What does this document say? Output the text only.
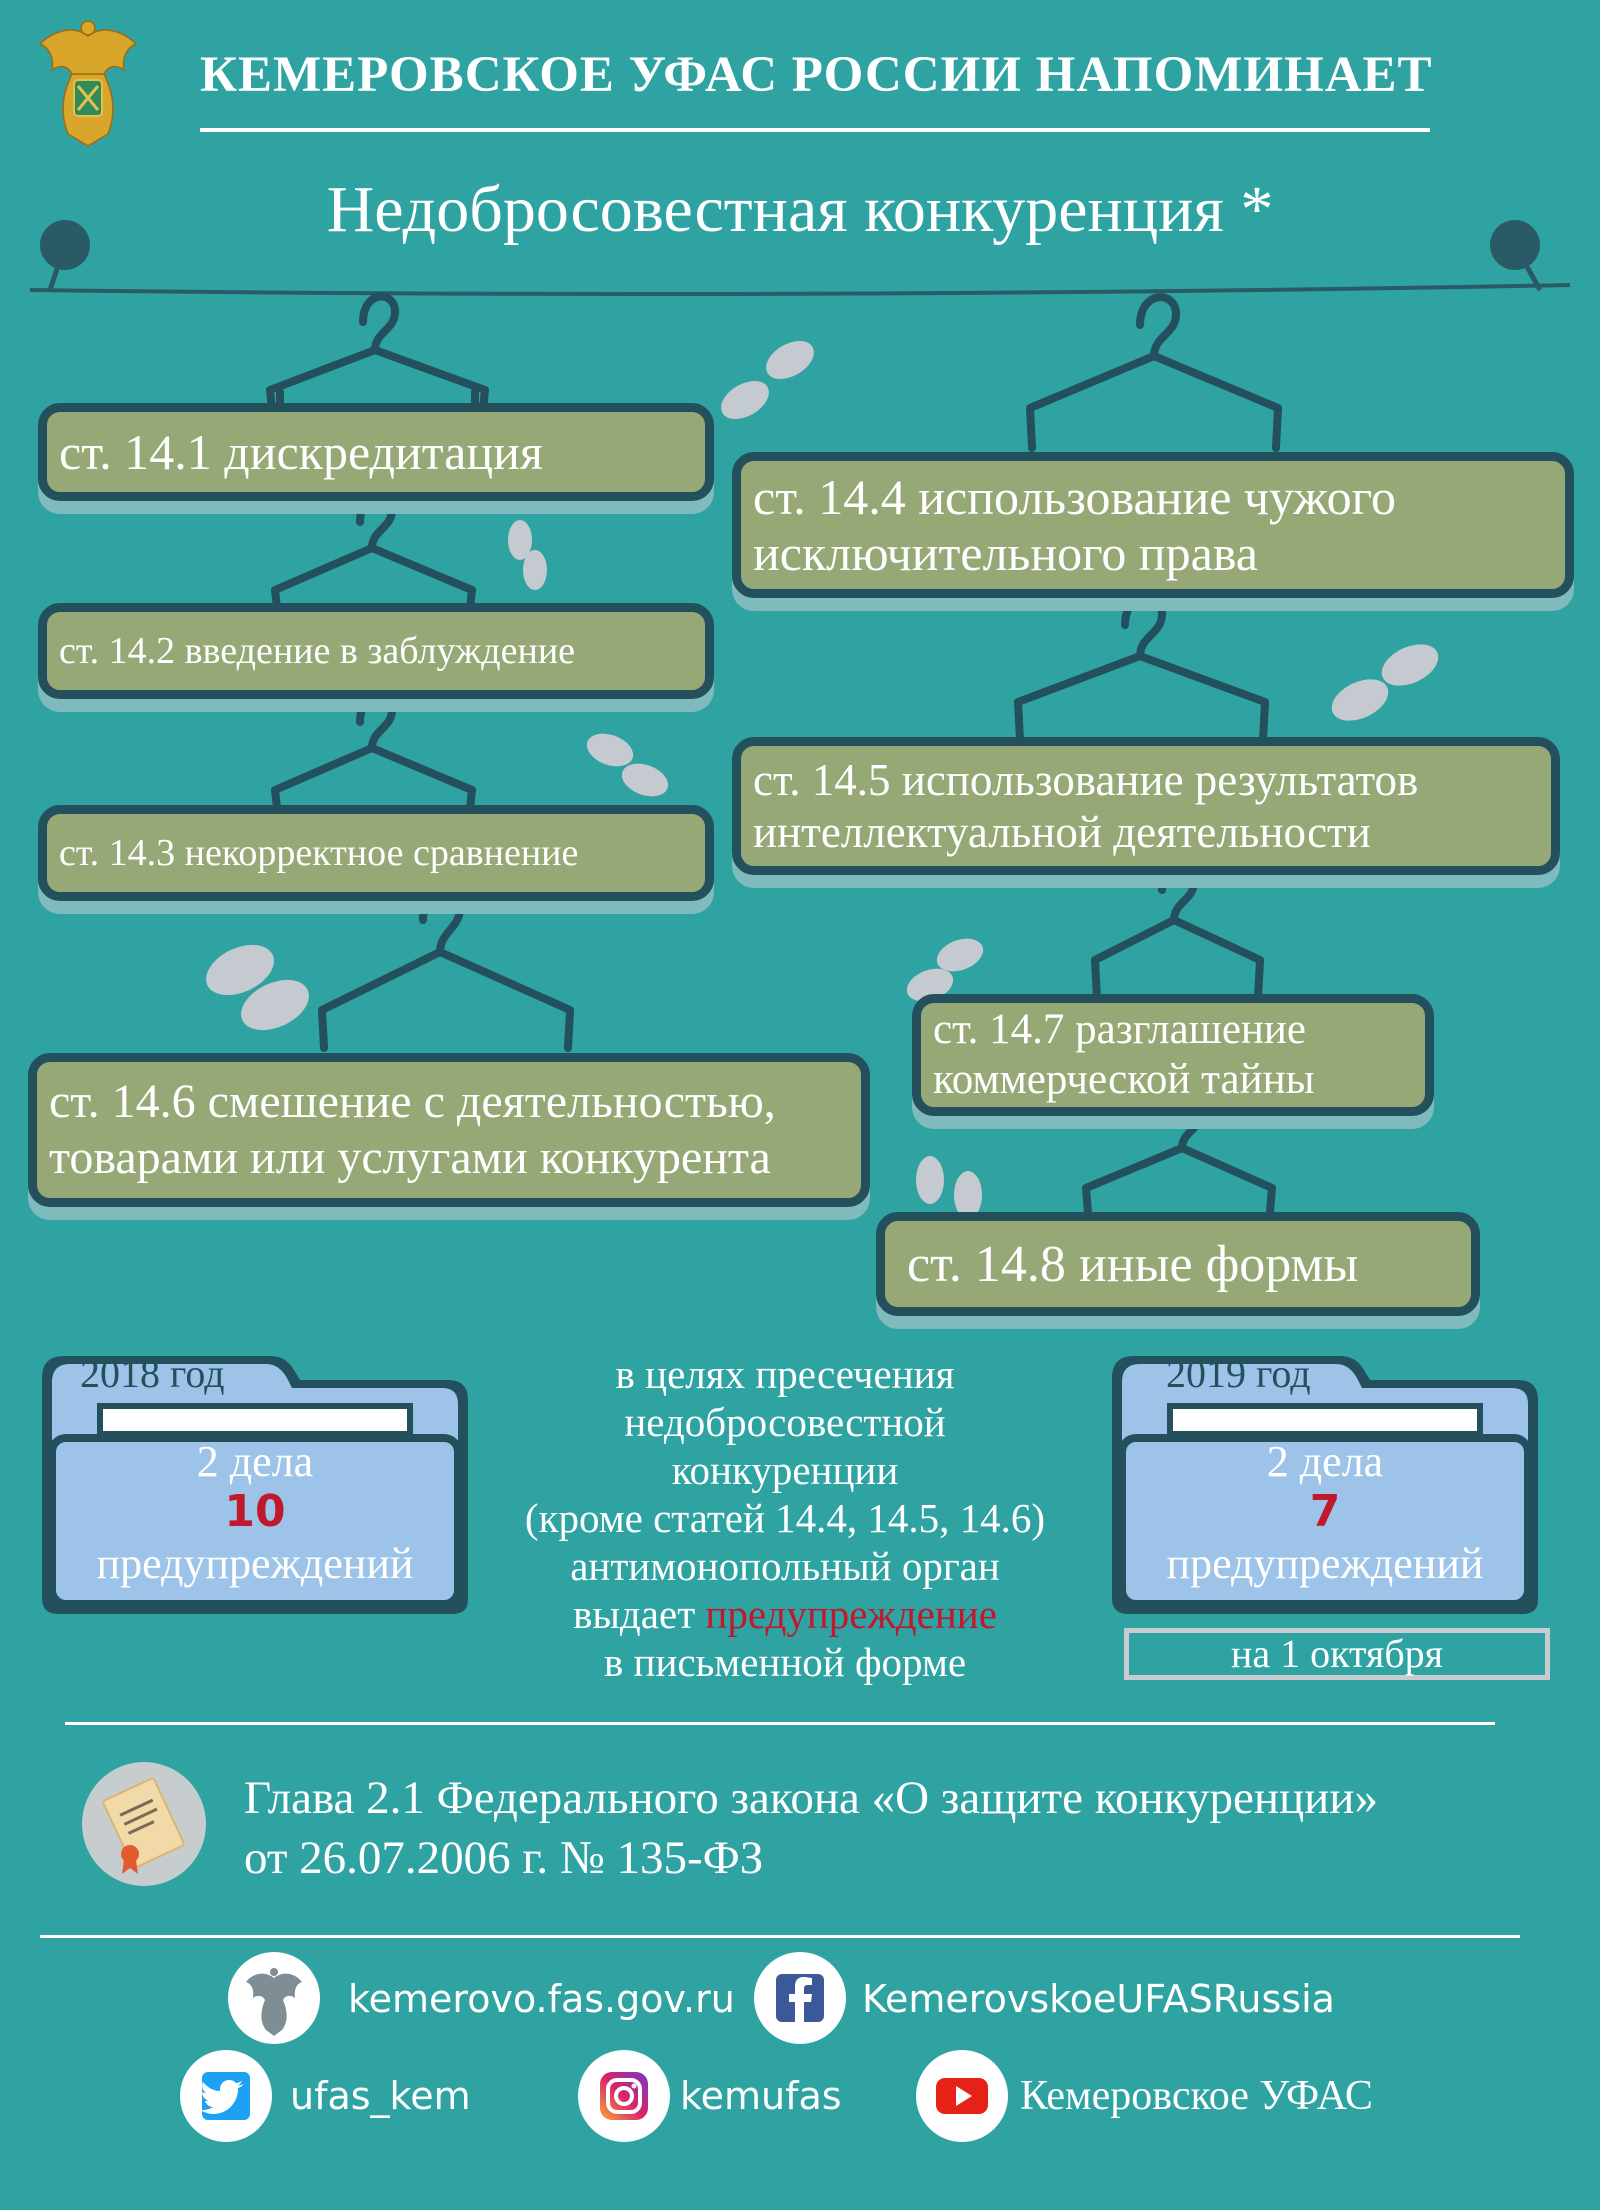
КЕМЕРОВСКОЕ УФАС РОССИИ НАПОМИНАЕТ
Недобросовестная конкуренция *
ст. 14.1 дискредитация
ст. 14.2 введение в заблуждение
ст. 14.3 некорректное сравнение
ст. 14.4 использование чужого
исключительного права
ст. 14.5 использование результатов
интеллектуальной деятельности
ст. 14.6 смешение с деятельностью,
товарами или услугами конкурента
ст. 14.7 разглашение
коммерческой тайны
ст. 14.8 иные формы
2018 год
2 дела
10
предупреждений
2019 год
2 дела
7
предупреждений
на 1 октября
в целях пресечения
недобросовестной
конкуренции
(кроме статей 14.4, 14.5, 14.6)
антимонопольный орган
выдает предупреждение
в письменной форме
Глава 2.1 Федерального закона «О защите конкуренции»
от 26.07.2006 г. № 135-ФЗ
kemerovo.fas.gov.ru	KemerovskoeUFASRussia
ufas_kem	kemufas	Кемеровское УФАС
